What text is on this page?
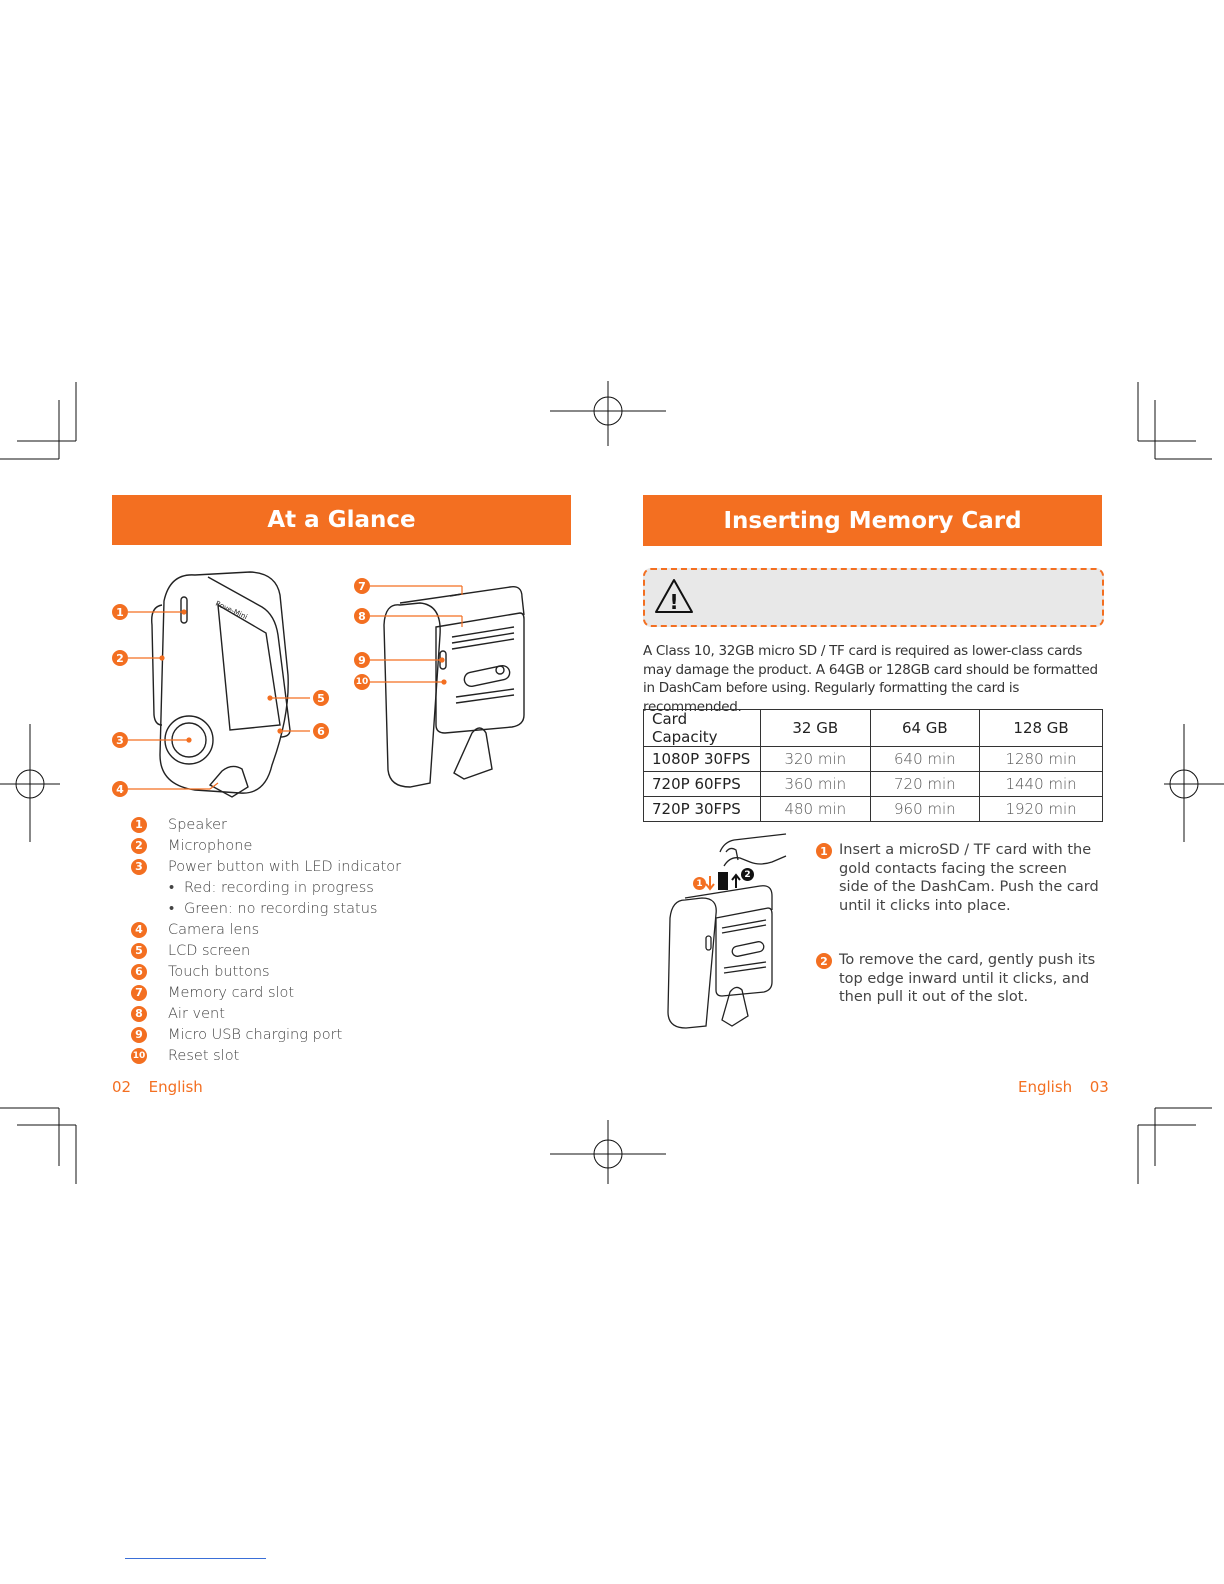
At a Glance
Rove-Mini
1
2
3
4
5
6
7
8
9
10
1 Speaker
2 Microphone
3 Power button with LED indicator
• Red: recording in progress
• Green: no recording status
4 Camera lens
5 LCD screen
6 Touch buttons
7 Memory card slot
8 Air vent
9 Micro USB charging port
10 Reset slot
02 English
Inserting Memory Card
!

A Class 10, 32GB micro SD / TF card is required as lower-class cards may damage the product. A 64GB or 128GB card should be formatted in DashCam before using. Regularly formatting the card is recommended.

Card Capacity	32 GB	64 GB	128 GB
1080P 30FPS	320 min	640 min	1280 min
720P 60FPS	360 min	720 min	1440 min
720P 30FPS	480 min	960 min	1920 min
1
2
1 Insert a microSD / TF card with the gold contacts facing the screen side of the DashCam. Push the card until it clicks into place.
2 To remove the card, gently push its top edge inward until it clicks, and then pull it out of the slot.
English 03
